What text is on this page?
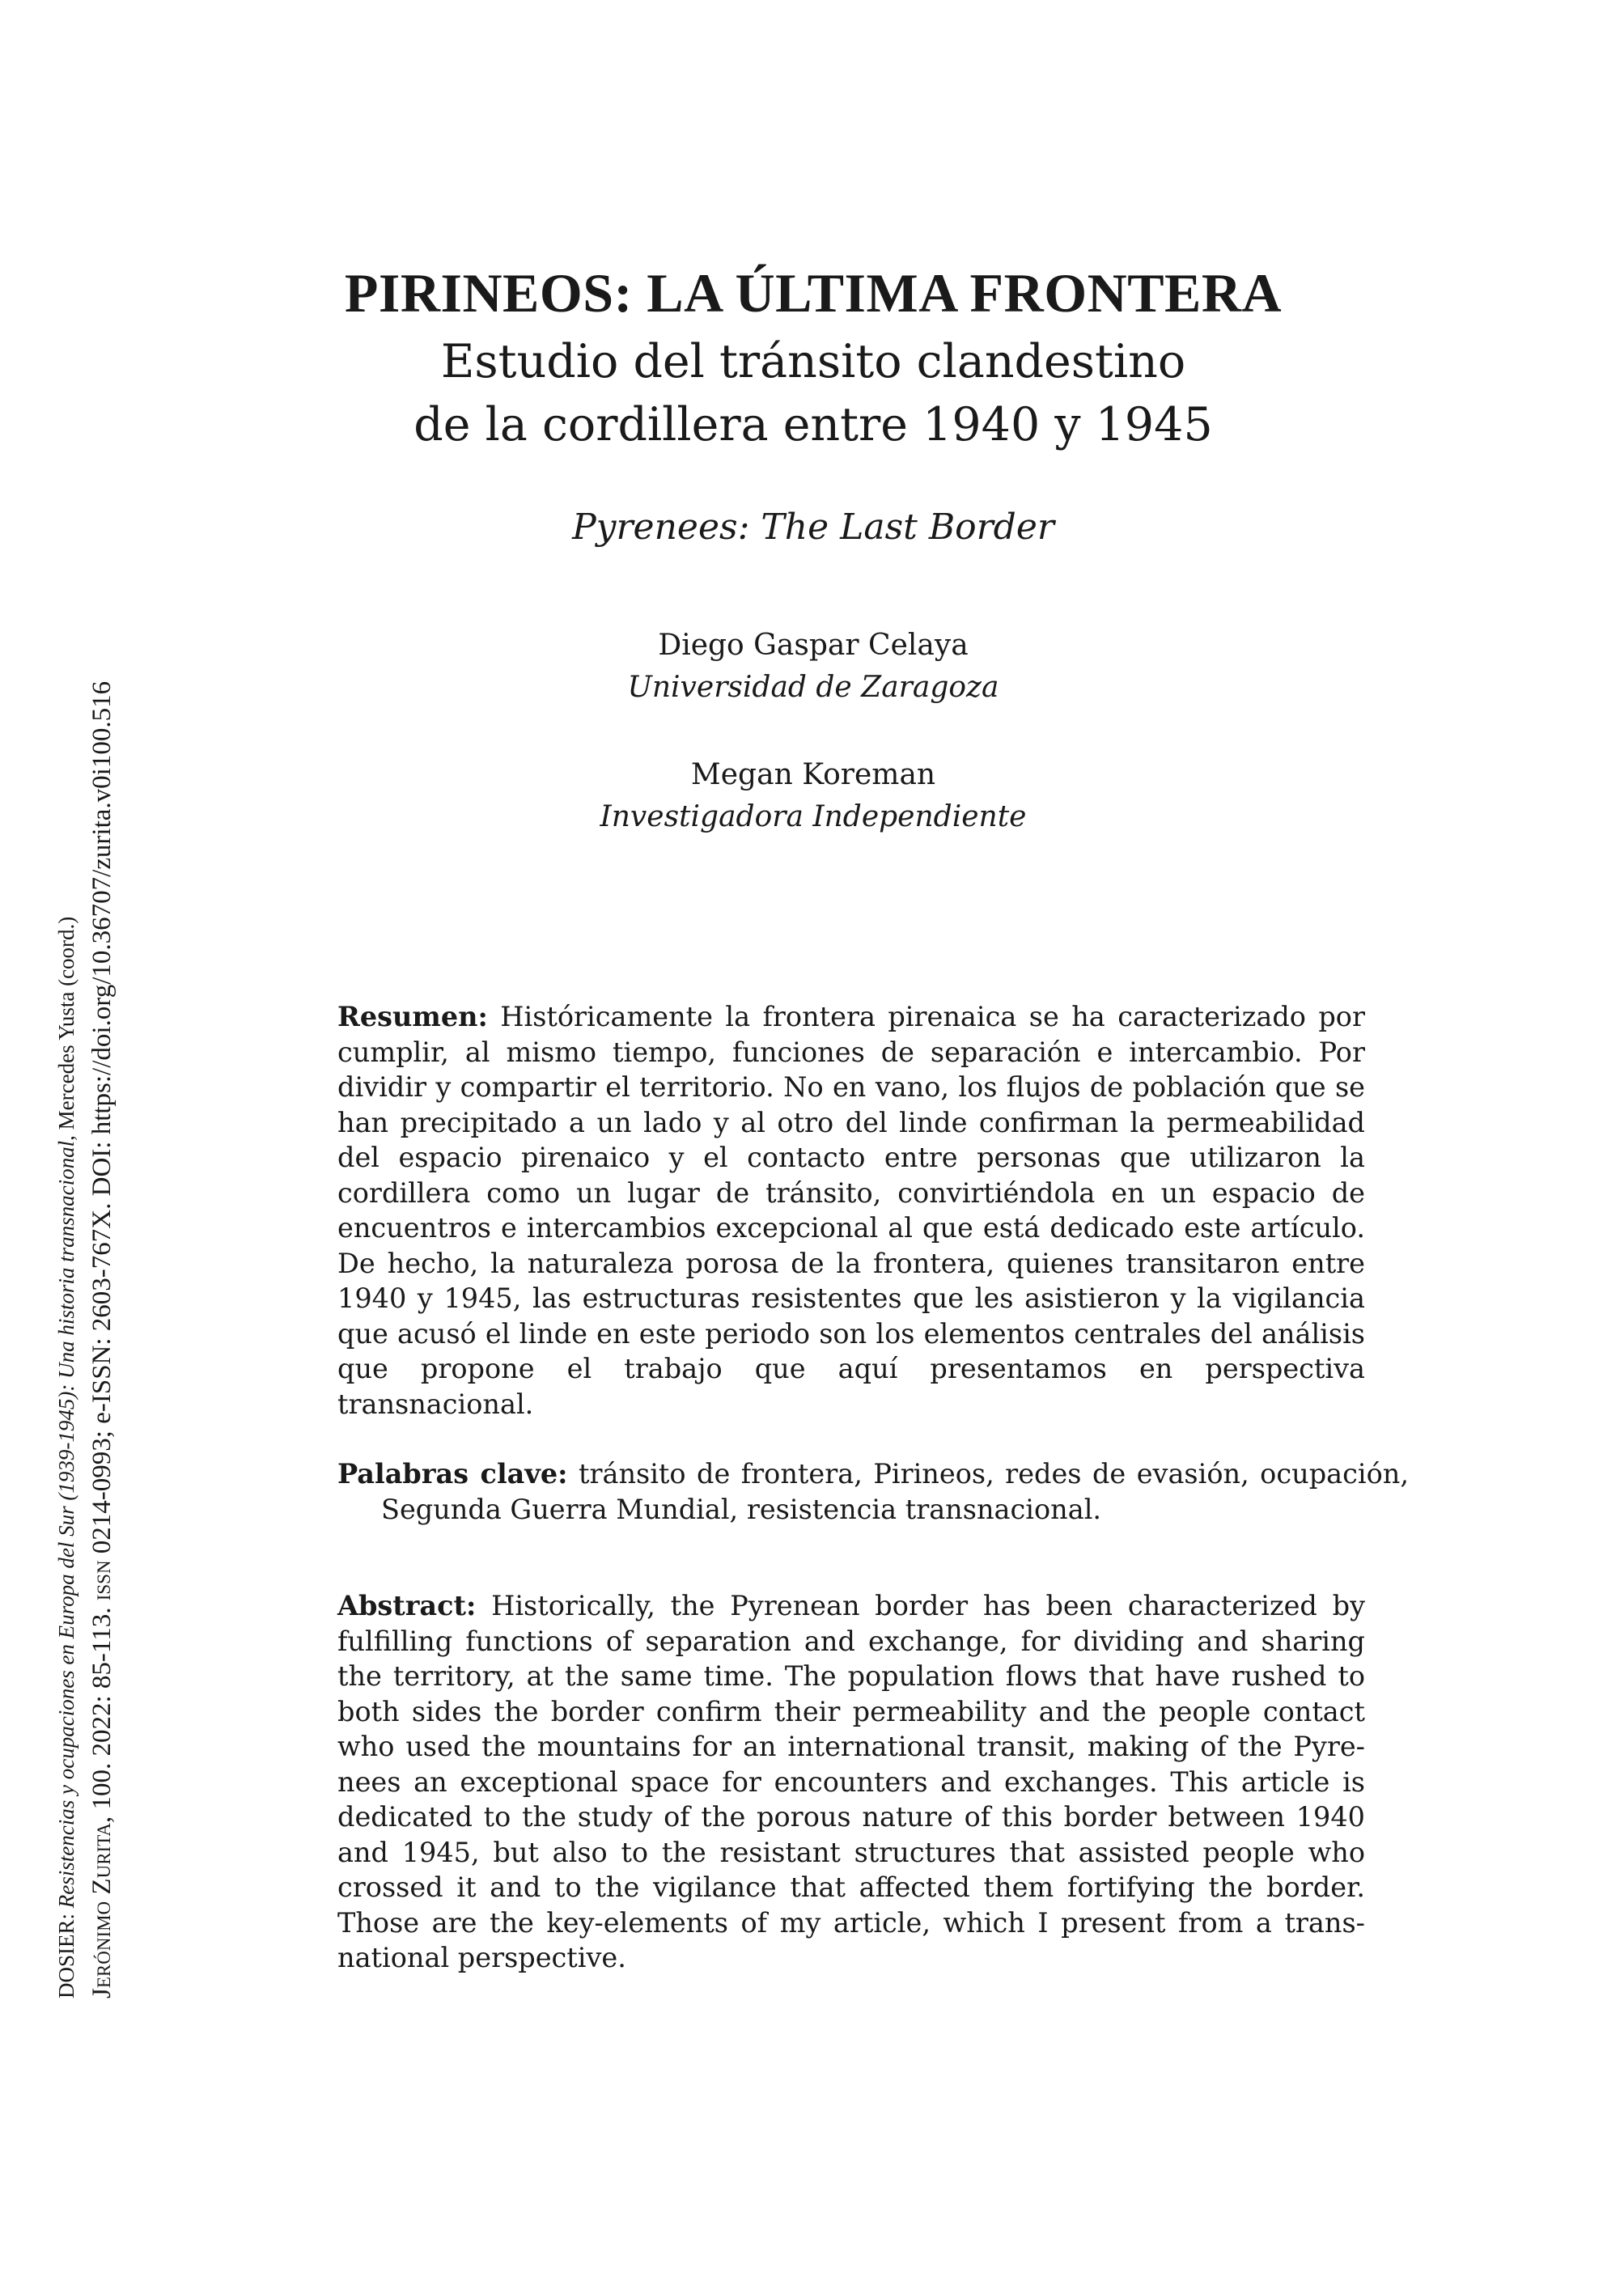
DOSIER: Resistencias y ocupaciones en Europa del Sur (1939-1945): Una historia transnacional, Mercedes Yusta (coord.)
Jerónimo Zurita, 100. 2022: 85-113. issn 0214-0993; e-ISSN: 2603-767X. DOI: https://doi.org/10.36707/zurita.v0i100.516
PIRINEOS: LA ÚLTIMA FRONTERA
Estudio del tránsito clandestino
de la cordillera entre 1940 y 1945
Pyrenees: The Last Border
Diego Gaspar Celaya
Universidad de Zaragoza
Megan Koreman
Investigadora Independiente

Resumen: Históricamente la frontera pirenaica se ha caracterizado por cumplir, al mismo tiempo, funciones de separación e intercambio. Por dividir y compartir el territorio. No en vano, los flujos de población que se han precipitado a un lado y al otro del linde confirman la permeabilidad del espacio pirenaico y el contacto entre personas que utilizaron la cordillera como un lugar de tránsito, convirtiéndola en un espacio de encuentros e intercambios excepcional al que está dedicado este artículo. De hecho, la naturaleza porosa de la frontera, quienes transitaron entre 1940 y 1945, las estructuras resistentes que les asistieron y la vigilancia que acusó el linde en este periodo son los elementos centrales del análisis que propone el trabajo que aquí presentamos en perspectiva transnacional.

Palabras clave: tránsito de frontera, Pirineos, redes de evasión, ocupación, Segunda Guerra Mundial, resistencia transnacional.

Abstract: Historically, the Pyrenean border has been characterized by fulfilling functions of separation and exchange, for dividing and sharing the territory, at the same time. The population flows that have rushed to both sides the border confirm their permeability and the people contact who used the mountains for an international transit, making of the Pyrenees an exceptional space for encounters and exchanges. This article is dedicated to the study of the porous nature of this border between 1940 and 1945, but also to the resistant structures that assisted people who crossed it and to the vigilance that affected them fortifying the border. Those are the key-elements of my article, which I present from a transnational perspective.
